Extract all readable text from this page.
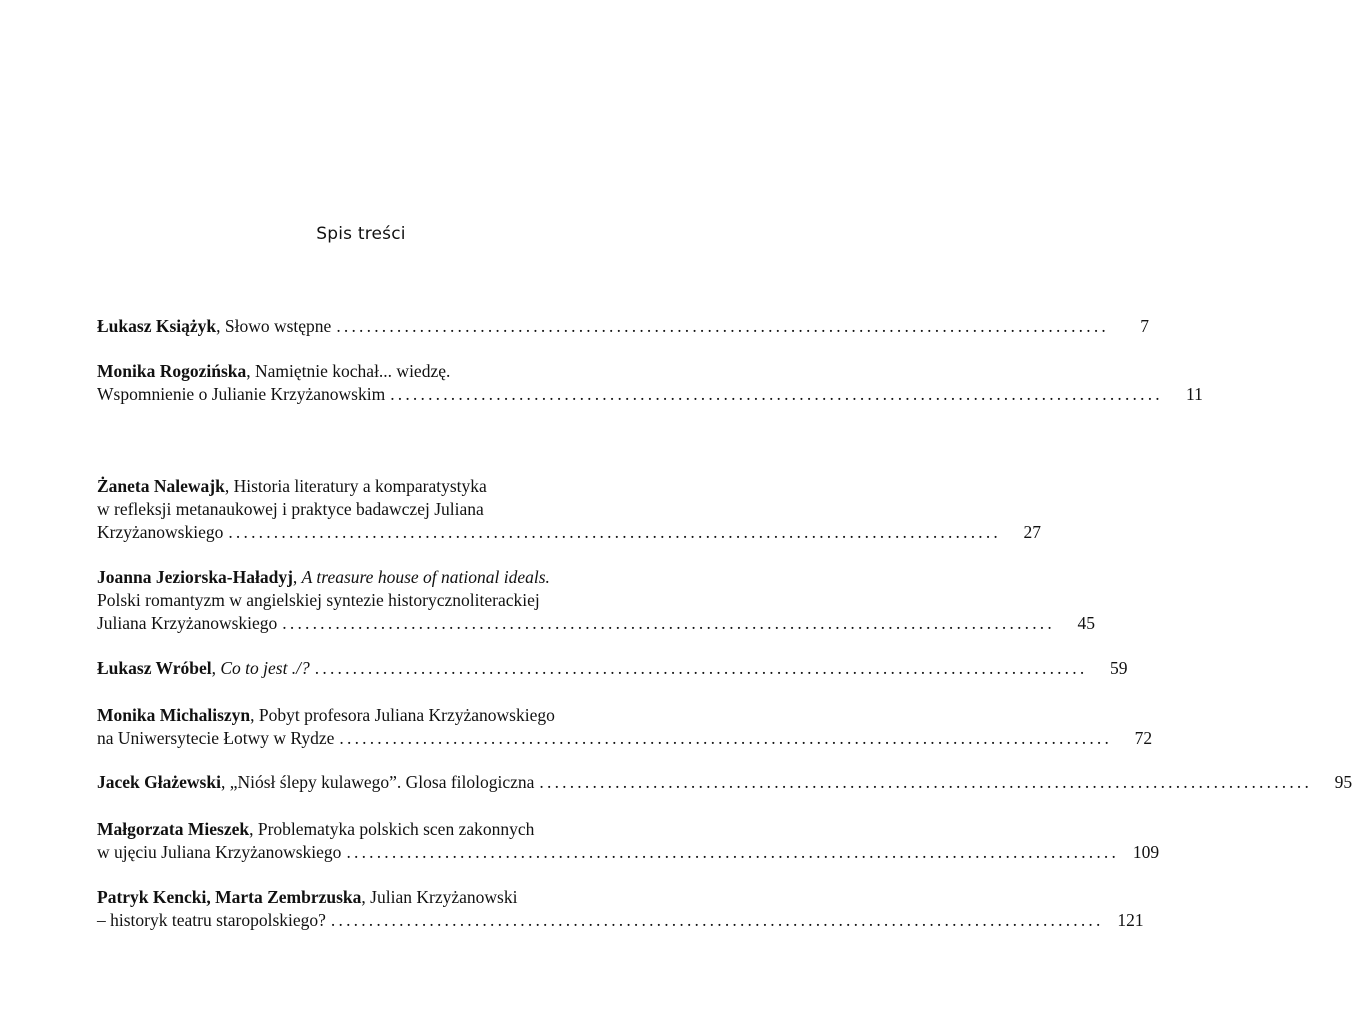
Spis treści
Łukasz Książyk, Słowo wstępne ......................................................................................................	7
Monika Rogozińska, Namiętnie kochał... wiedzę.
Wspomnienie o Julianie Krzyżanowskim ......................................................................................................	11
Żaneta Nalewajk, Historia literatury a komparatystyka
w refleksji metanaukowej i praktyce badawczej Juliana
Krzyżanowskiego ......................................................................................................	27
Joanna Jeziorska-Haładyj, A treasure house of national ideals.
Polski romantyzm w angielskiej syntezie historycznoliterackiej
Juliana Krzyżanowskiego ......................................................................................................	45
Łukasz Wróbel, Co to jest ./? ......................................................................................................	59
Monika Michaliszyn, Pobyt profesora Juliana Krzyżanowskiego
na Uniwersytecie Łotwy w Rydze ......................................................................................................	72
Jacek Głażewski, „Niósł ślepy kulawego”. Glosa filologiczna ......................................................................................................	95
Małgorzata Mieszek, Problematyka polskich scen zakonnych
w ujęciu Juliana Krzyżanowskiego ...................................................................................................... 109
Patryk Kencki, Marta Zembrzuska, Julian Krzyżanowski
– historyk teatru staropolskiego? ...................................................................................................... 121
